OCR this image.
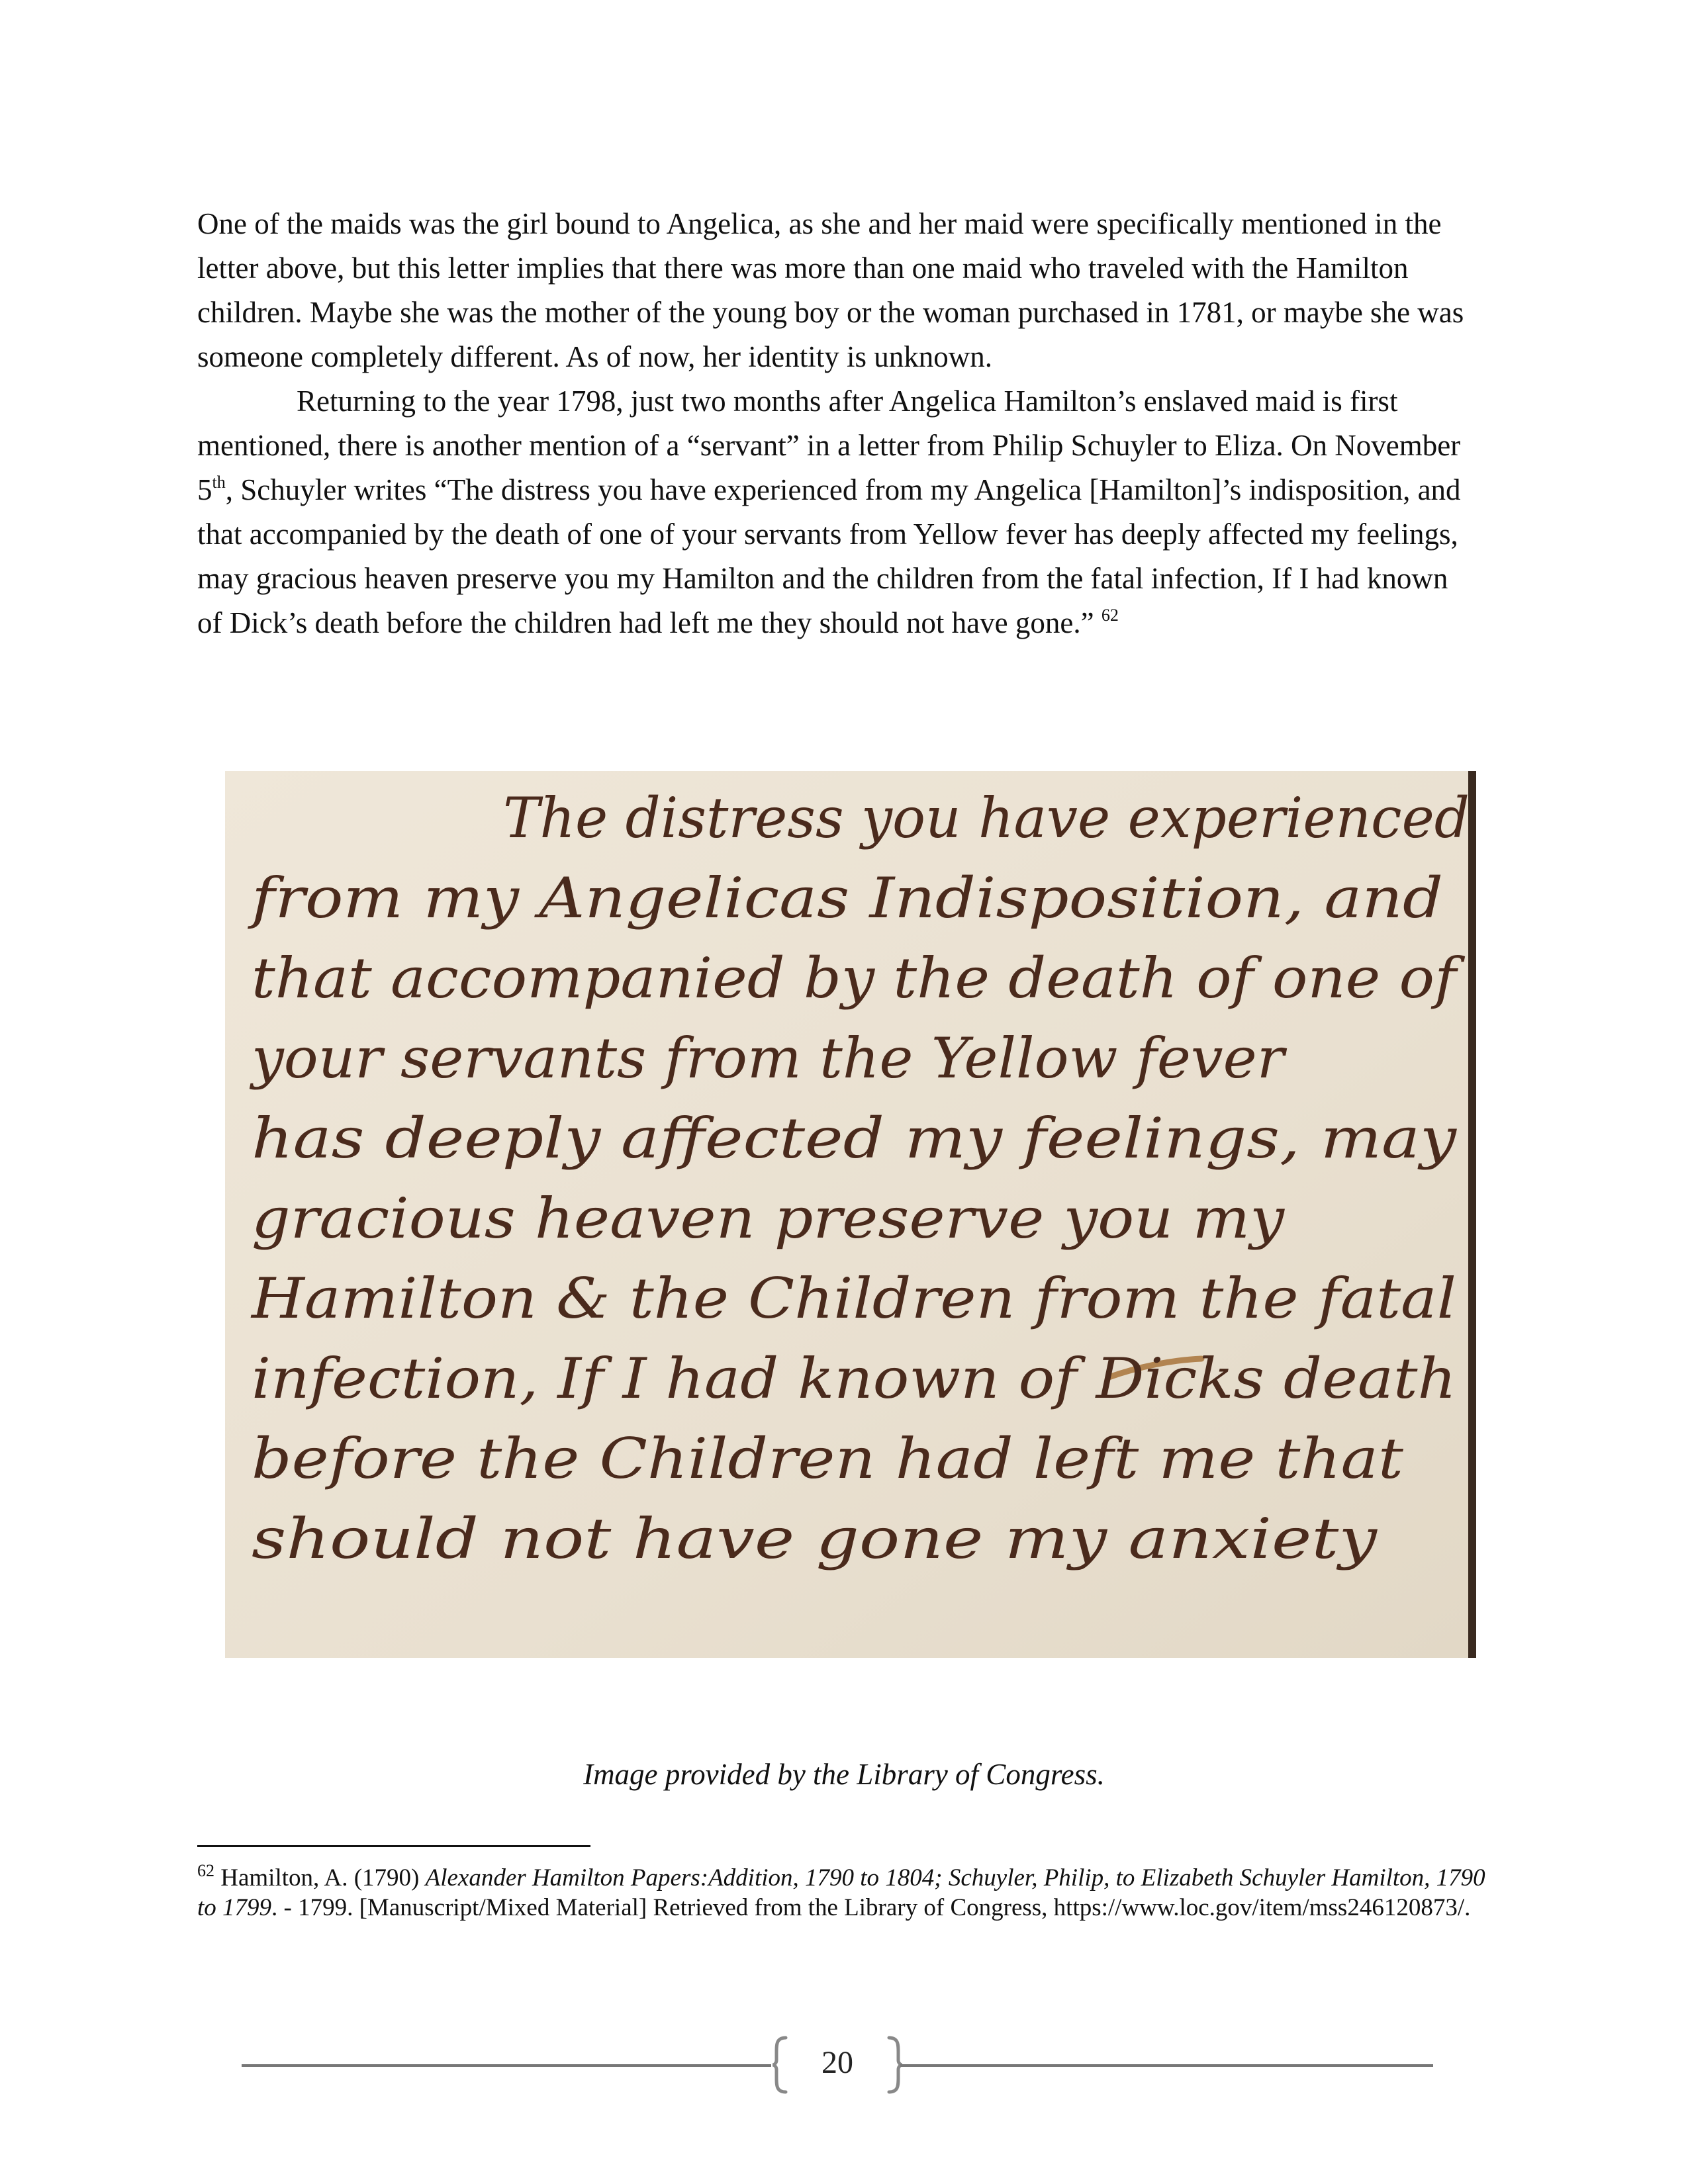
One of the maids was the girl bound to Angelica, as she and her maid were specifically mentioned in the letter above, but this letter implies that there was more than one maid who traveled with the Hamilton children. Maybe she was the mother of the young boy or the woman purchased in 1781, or maybe she was someone completely different. As of now, her identity is unknown.

Returning to the year 1798, just two months after Angelica Hamilton’s enslaved maid is first mentioned, there is another mention of a “servant” in a letter from Philip Schuyler to Eliza. On November 5th, Schuyler writes “The distress you have experienced from my Angelica [Hamilton]’s indisposition, and that accompanied by the death of one of your servants from Yellow fever has deeply affected my feelings, may gracious heaven preserve you my Hamilton and the children from the fatal infection, If I had known of Dick’s death before the children had left me they should not have gone.” $^{62}$

The distress you have experienced
from my Angelicas Indisposition, and
that accompanied by the death of one of
your servants from the Yellow fever
has deeply affected my feelings, may
gracious heaven preserve you my
Hamilton & the Children from the fatal
infection, If I had known of Dicks death
before the Children had left me that
should not have gone my anxiety
Image provided by the Library of Congress.
$^{62}$ Hamilton, A. (1790) Alexander Hamilton Papers:Addition, 1790 to 1804; Schuyler, Philip, to Elizabeth Schuyler Hamilton, 1790 to 1799. - 1799. [Manuscript/Mixed Material] Retrieved from the Library of Congress, https://www.loc.gov/item/mss246120873/.
20
